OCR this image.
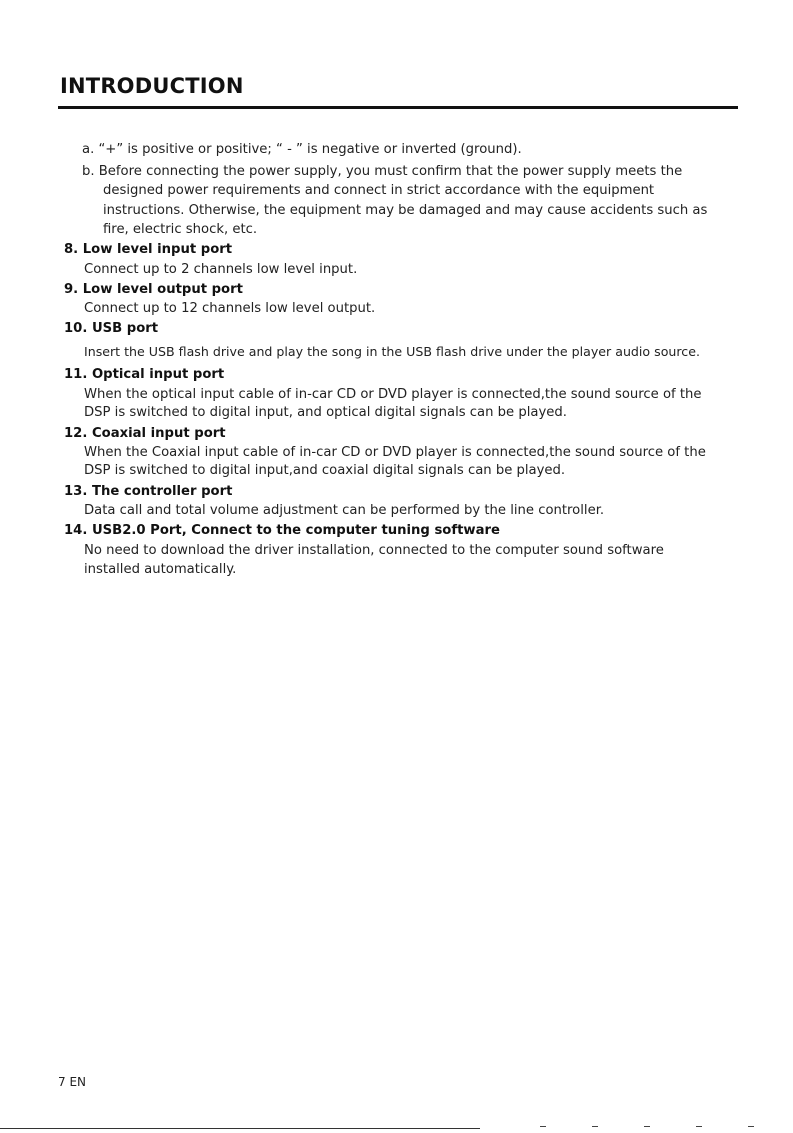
INTRODUCTION

a. “+” is positive or positive; “ - ” is negative or inverted (ground).

b. Before connecting the power supply, you must confirm that the power supply meets the

designed power requirements and connect in strict accordance with the equipment

instructions. Otherwise, the equipment may be damaged and may cause accidents such as

fire, electric shock, etc.

8. Low level input port

Connect up to 2 channels low level input.

9. Low level output port

Connect up to 12 channels low level output.

10. USB port

Insert the USB flash drive and play the song in the USB flash drive under the player audio source.

11. Optical input port

When the optical input cable of in-car CD or DVD player is connected,the sound source of the

DSP is switched to digital input, and optical digital signals can be played.

12. Coaxial input port

When the Coaxial input cable of in-car CD or DVD player is connected,the sound source of the

DSP is switched to digital input,and coaxial digital signals can be played.

13. The controller port

Data call and total volume adjustment can be performed by the line controller.

14. USB2.0 Port, Connect to the computer tuning software

No need to download the driver installation, connected to the computer sound software

installed automatically.

7 EN
